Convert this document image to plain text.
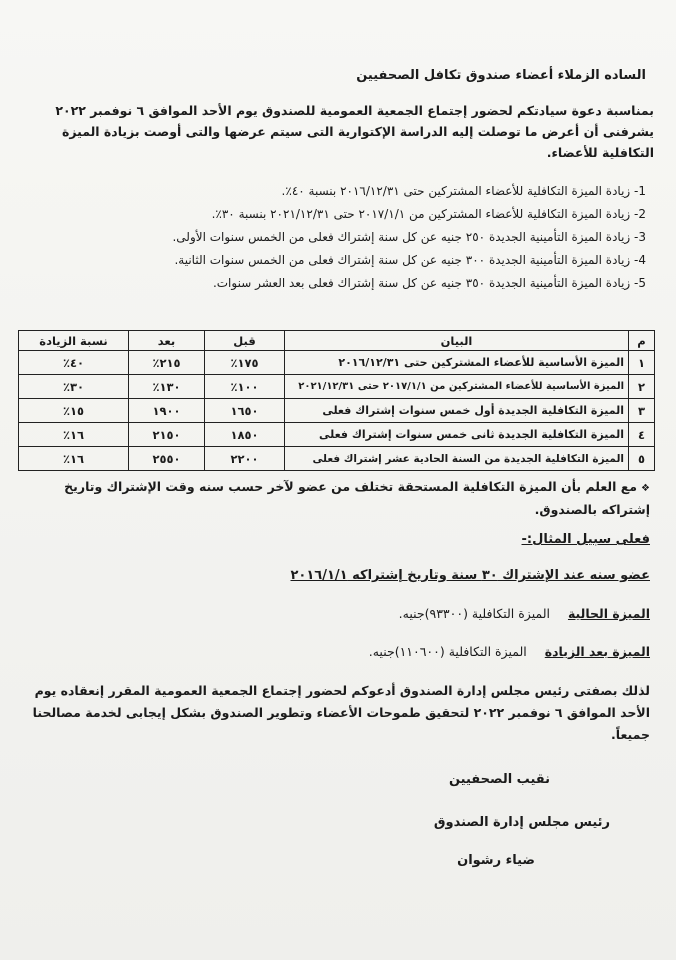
الساده الزملاء أعضاء صندوق تكافل الصحفيين
بمناسبة دعوة سيادتكم لحضور إجتماع الجمعية العمومية للصندوق يوم الأحد الموافق ٦ نوفمبر ٢٠٢٢ يشرفنى أن أعرض ما توصلت إليه الدراسة الإكتوارية التى سيتم عرضها والتى أوصت بزيادة الميزة التكافلية للأعضاء.
1- زيادة الميزة التكافلية للأعضاء المشتركين حتى ٢٠١٦/١٢/٣١ بنسبة ٤٠٪.
2- زيادة الميزة التكافلية للأعضاء المشتركين من ٢٠١٧/١/١ حتى ٢٠٢١/١٢/٣١ بنسبة ٣٠٪.
3- زيادة الميزة التأمينية الجديدة ٢٥٠ جنيه عن كل سنة إشتراك فعلى من الخمس سنوات الأولى.
4- زيادة الميزة التأمينية الجديدة ٣٠٠ جنيه عن كل سنة إشتراك فعلى من الخمس سنوات الثانية.
5- زيادة الميزة التأمينية الجديدة ٣٥٠ جنيه عن كل سنة إشتراك فعلى بعد العشر سنوات.
م	البيان	قبل	بعد	نسبة الزيادة
١	الميزة الأساسية للأعضاء المشتركين حتى ٢٠١٦/١٢/٣١	١٧٥٪	٢١٥٪	٤٠٪
٢	الميزة الأساسية للأعضاء المشتركين من ٢٠١٧/١/١ حتى ٢٠٢١/١٢/٣١	١٠٠٪	١٣٠٪	٣٠٪
٣	الميزة التكافلية الجديدة أول خمس سنوات إشتراك فعلى	١٦٥٠	١٩٠٠	١٥٪
٤	الميزة التكافلية الجديدة ثانى خمس سنوات إشتراك فعلى	١٨٥٠	٢١٥٠	١٦٪
٥	الميزة التكافلية الجديدة من السنة الحادية عشر إشتراك فعلى	٢٢٠٠	٢٥٥٠	١٦٪
❖مع العلم بأن الميزة التكافلية المستحقة تختلف من عضو لآخر حسب سنه وقت الإشتراك وتاريخ إشتراكه بالصندوق.
فعلى سبيل المثال:-
عضو سنه عند الإشتراك ٣٠ سنة وتاريخ إشتراكه ٢٠١٦/١/١
الميزة الحالية الميزة التكافلية (٩٣٣٠٠)جنيه.
الميزة بعد الزيادة الميزة التكافلية (١١٠٦٠٠)جنيه.
لذلك بصفتى رئيس مجلس إدارة الصندوق أدعوكم لحضور إجتماع الجمعية العمومية المقرر إنعقاده يوم الأحد الموافق ٦ نوفمبر ٢٠٢٢ لتحقيق طموحات الأعضاء وتطوير الصندوق بشكل إيجابى لخدمة مصالحنا جميعاً.
نقيب الصحفيين
رئيس مجلس إدارة الصندوق
ضياء رشوان
